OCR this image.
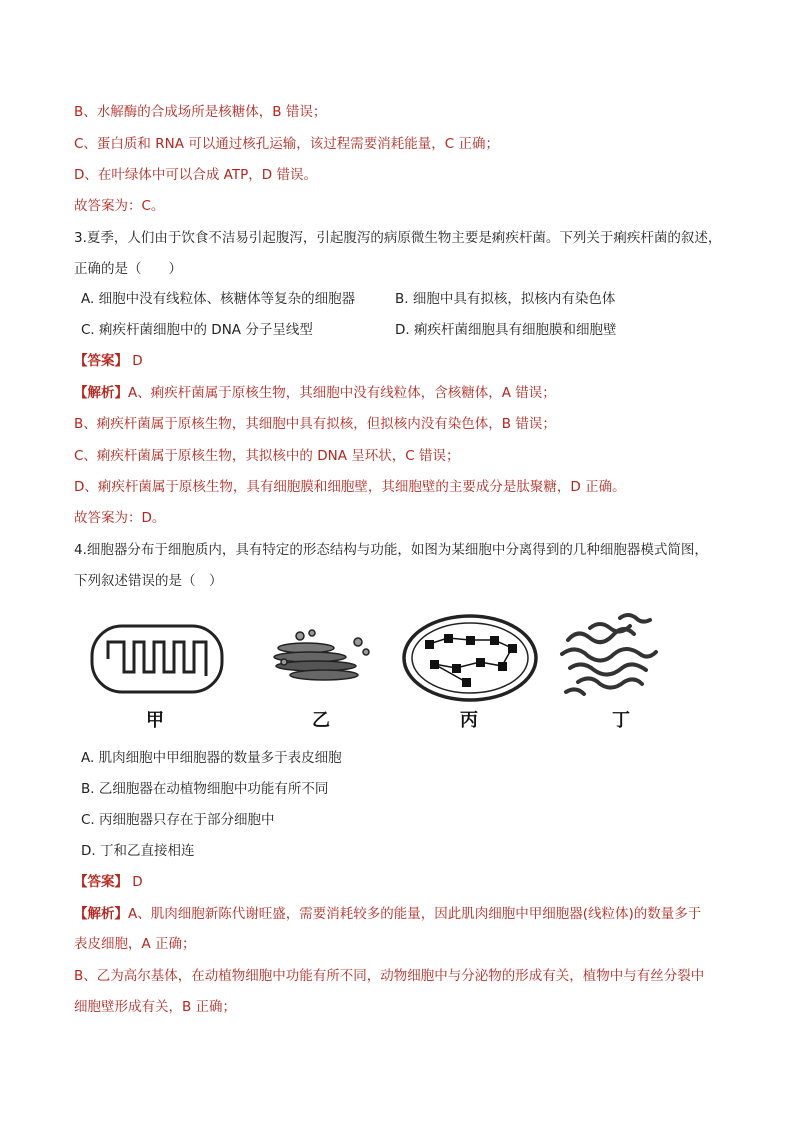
B、水解酶的合成场所是核糖体，B 错误；
C、蛋白质和 RNA 可以通过核孔运输，该过程需要消耗能量，C 正确；
D、在叶绿体中可以合成 ATP，D 错误。
故答案为：C。
3.夏季，人们由于饮食不洁易引起腹泻，引起腹泻的病原微生物主要是痢疾杆菌。下列关于痢疾杆菌的叙述，
正确的是（　　）
A. 细胞中没有线粒体、核糖体等复杂的细胞器	B. 细胞中具有拟核，拟核内有染色体
C. 痢疾杆菌细胞中的 DNA 分子呈线型	D. 痢疾杆菌细胞具有细胞膜和细胞壁
【答案】 D
【解析】A、痢疾杆菌属于原核生物，其细胞中没有线粒体，含核糖体，A 错误；
B、痢疾杆菌属于原核生物，其细胞中具有拟核，但拟核内没有染色体，B 错误；
C、痢疾杆菌属于原核生物，其拟核中的 DNA 呈环状，C 错误；
D、痢疾杆菌属于原核生物，具有细胞膜和细胞壁，其细胞壁的主要成分是肽聚糖，D 正确。
故答案为：D。
4.细胞器分布于细胞质内，具有特定的形态结构与功能，如图为某细胞中分离得到的几种细胞器模式简图，
下列叙述错误的是（　）
甲	乙	丙	丁
A. 肌肉细胞中甲细胞器的数量多于表皮细胞
B. 乙细胞器在动植物细胞中功能有所不同
C. 丙细胞器只存在于部分细胞中
D. 丁和乙直接相连
【答案】 D
【解析】A、肌肉细胞新陈代谢旺盛，需要消耗较多的能量，因此肌肉细胞中甲细胞器(线粒体)的数量多于
表皮细胞，A 正确；
B、乙为高尔基体，在动植物细胞中功能有所不同，动物细胞中与分泌物的形成有关，植物中与有丝分裂中
细胞壁形成有关，B 正确；
